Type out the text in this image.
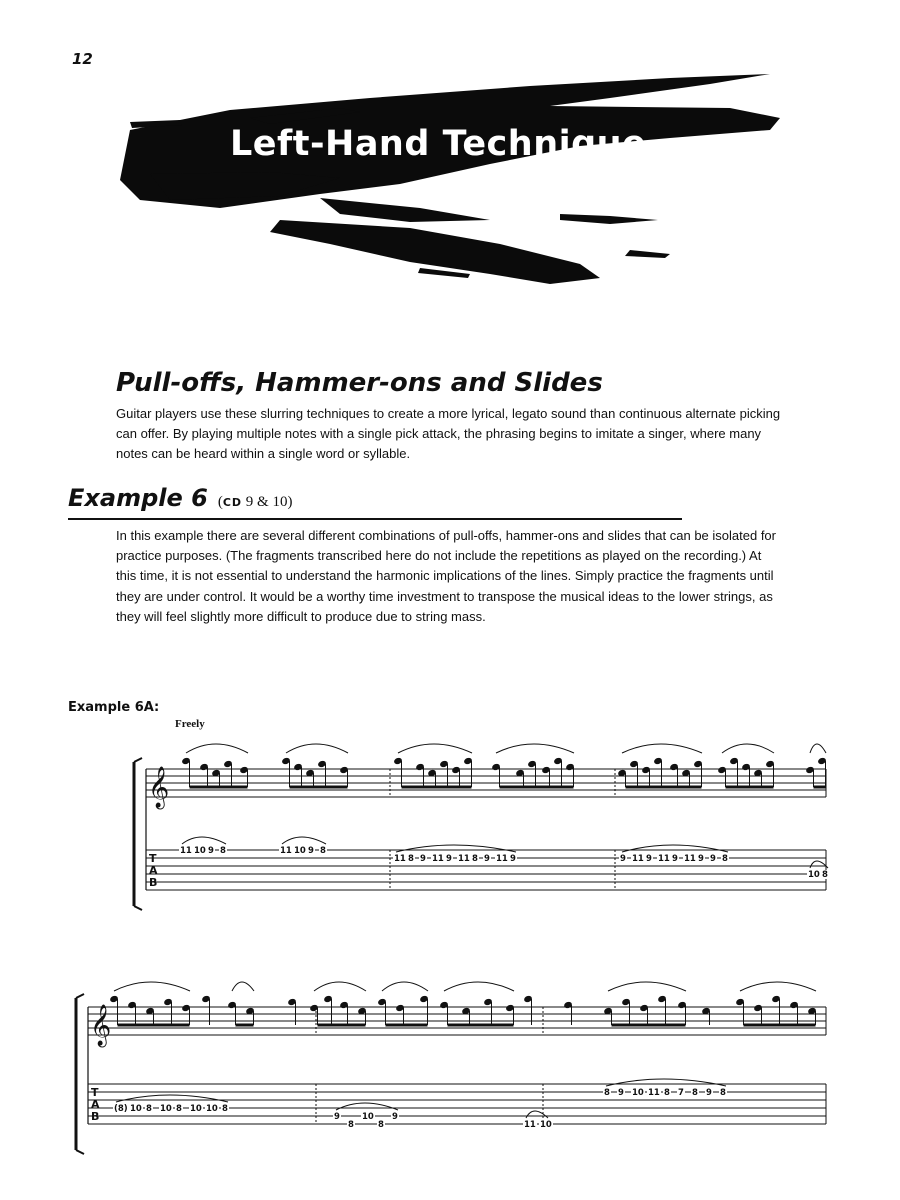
12
Left-Hand Technique
Pull-offs, Hammer-ons and Slides

Guitar players use these slurring techniques to create a more lyrical, legato sound than continuous alternate picking can offer. By playing multiple notes with a single pick attack, the phrasing begins to imitate a singer, where many notes can be heard within a single word or syllable.

Example 6 (CD 9 & 10)

In this example there are several different combinations of pull-offs, hammer-ons and slides that can be isolated for practice purposes. (The fragments transcribed here do not include the repetitions as played on the recording.) At this time, it is not essential to understand the harmonic implications of the lines. Simply practice the fragments until they are under control. It would be a worthy time investment to transpose the musical ideas to the lower strings, as they will feel slightly more difficult to produce due to string mass.

Example 6A:
Freely
𝄞
T
A
B
11 10 9 8	11 10 9 8
11 8 9 11 9 11 8 9 11 9	9 11 9 11 9 11 9 9 8
10 8
𝄞
T
A
B
(8) 10 8 10 8 10 10 8
9
8
10
8
9
11 10
8 9 10 11 8 7 8 9 8
